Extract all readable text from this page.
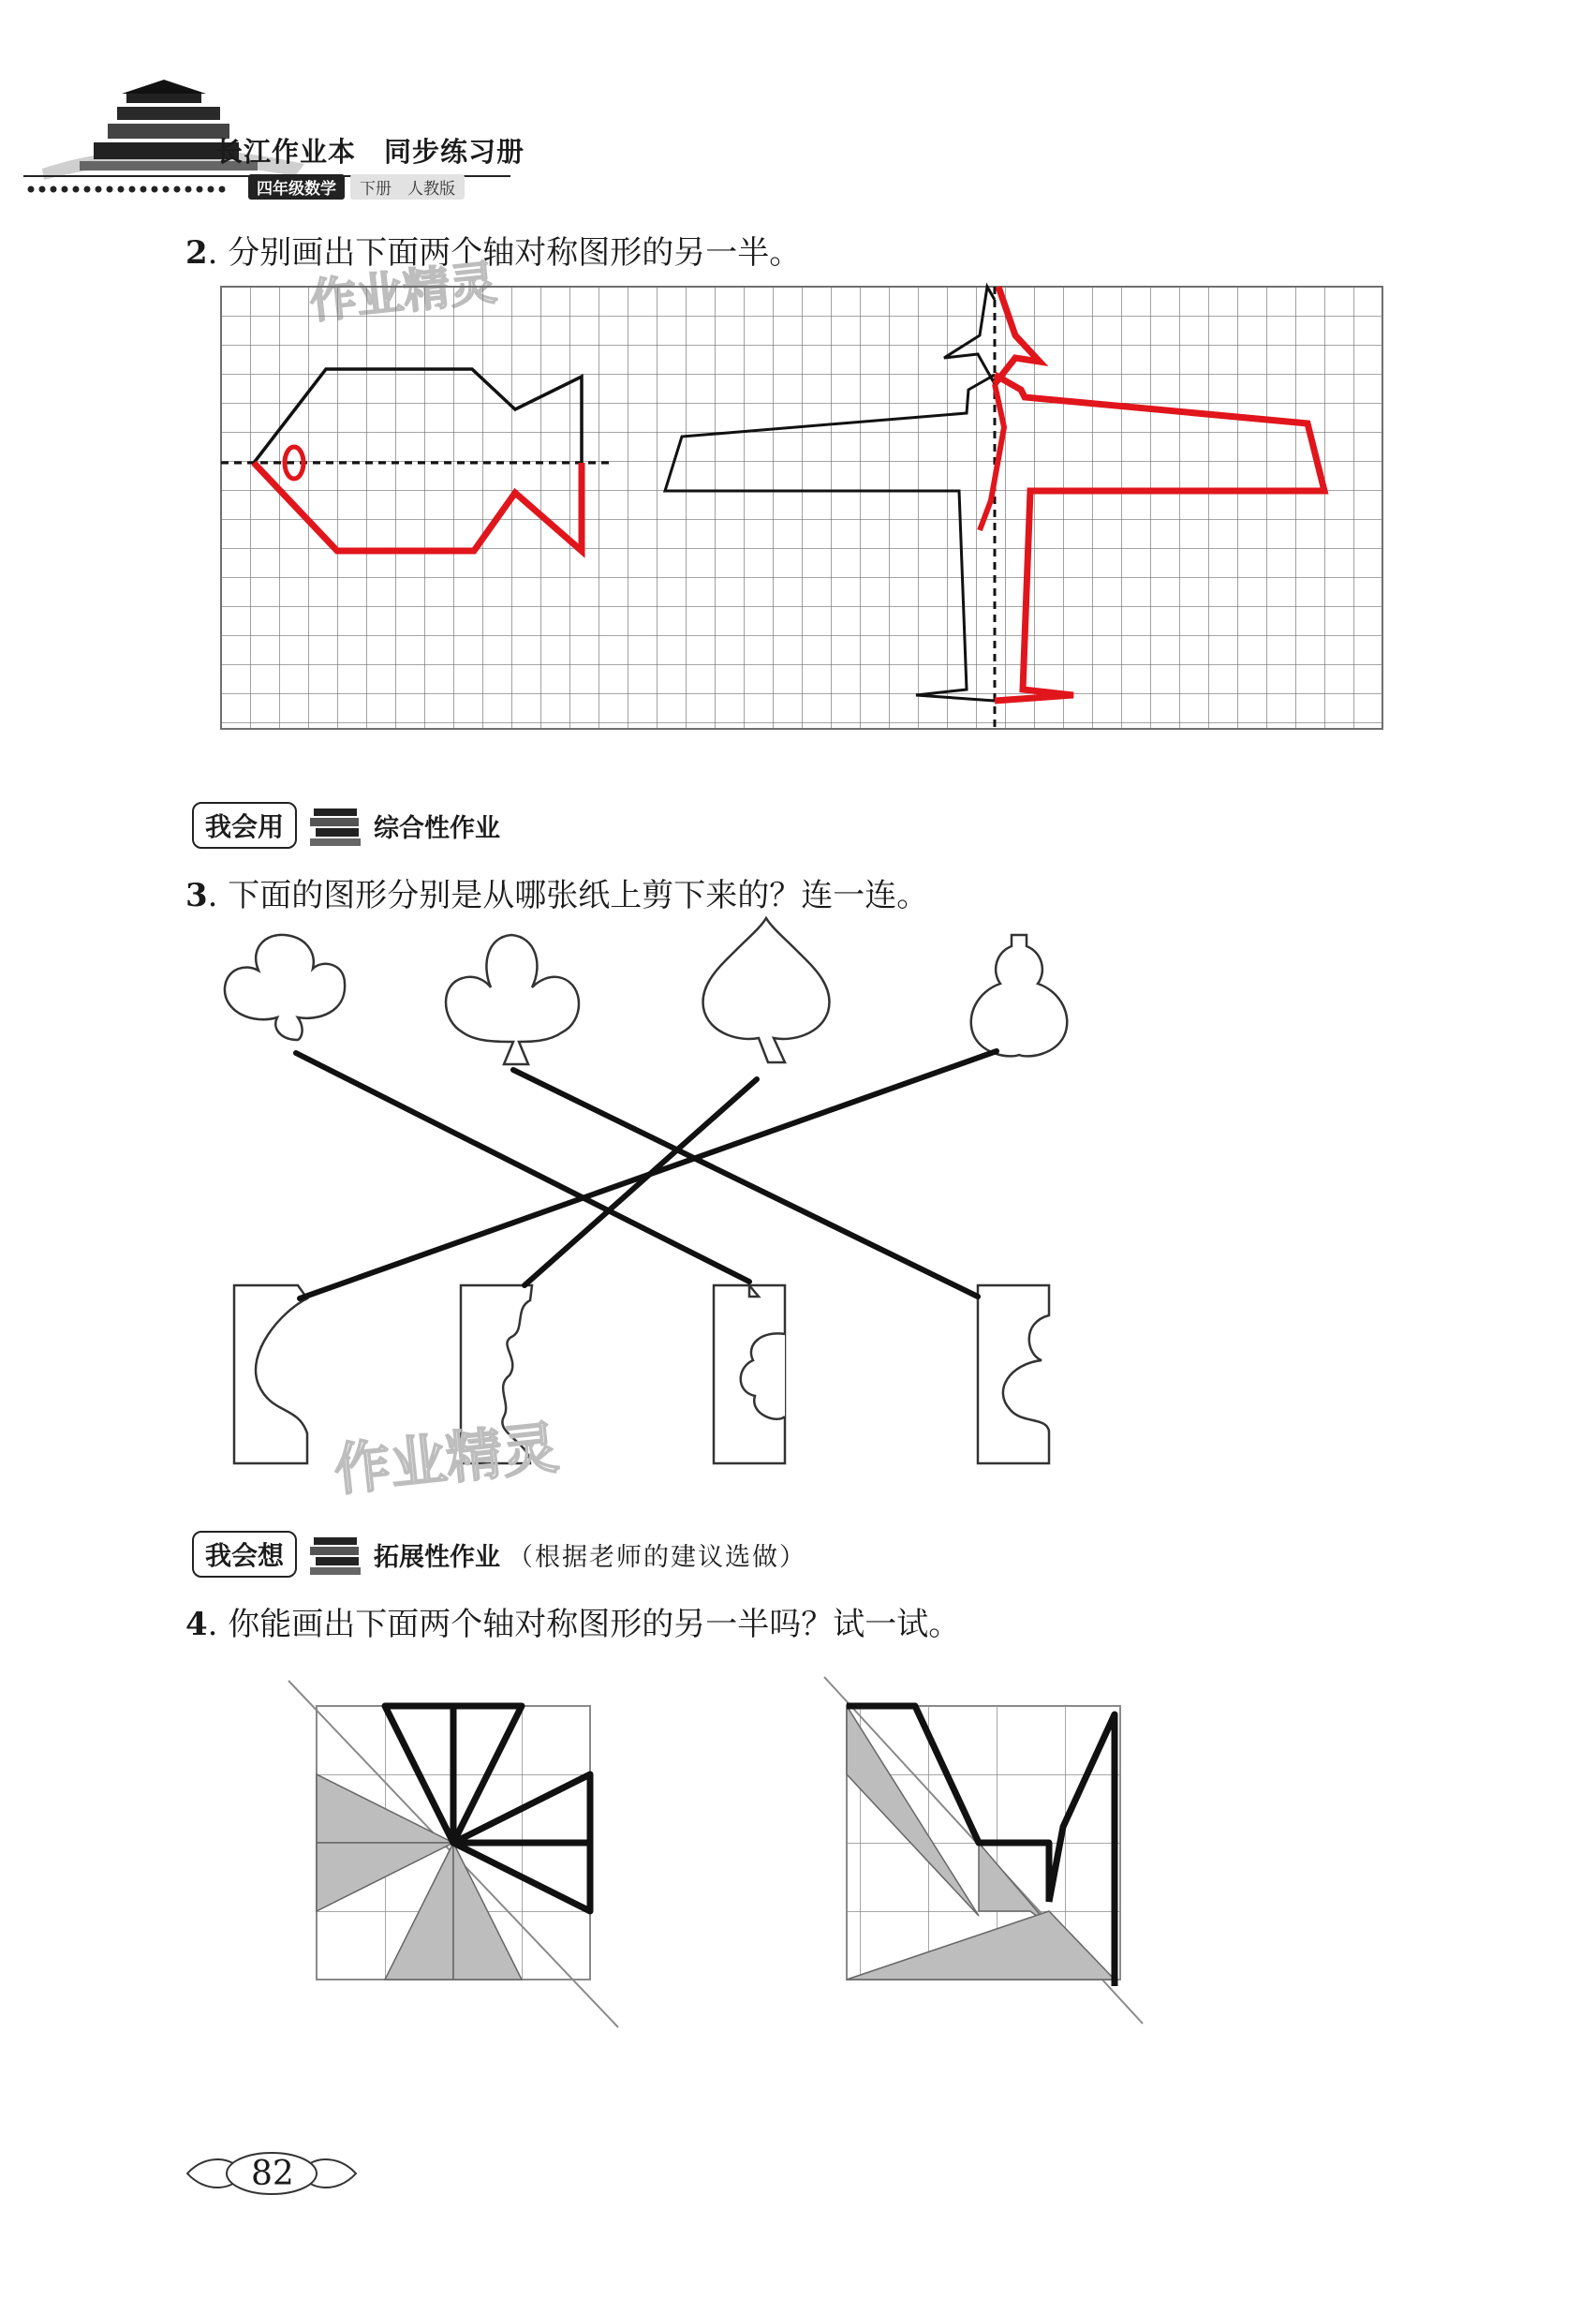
长江作业本　同步练习册
四年级数学	下册　人教版
2. 分别画出下面两个轴对称图形的另一半。
我会用	综合性作业
3. 下面的图形分别是从哪张纸上剪下来的？连一连。
作业精灵
我会想	拓展性作业 （根据老师的建议选做）
4. 你能画出下面两个轴对称图形的另一半吗？试一试。
82
